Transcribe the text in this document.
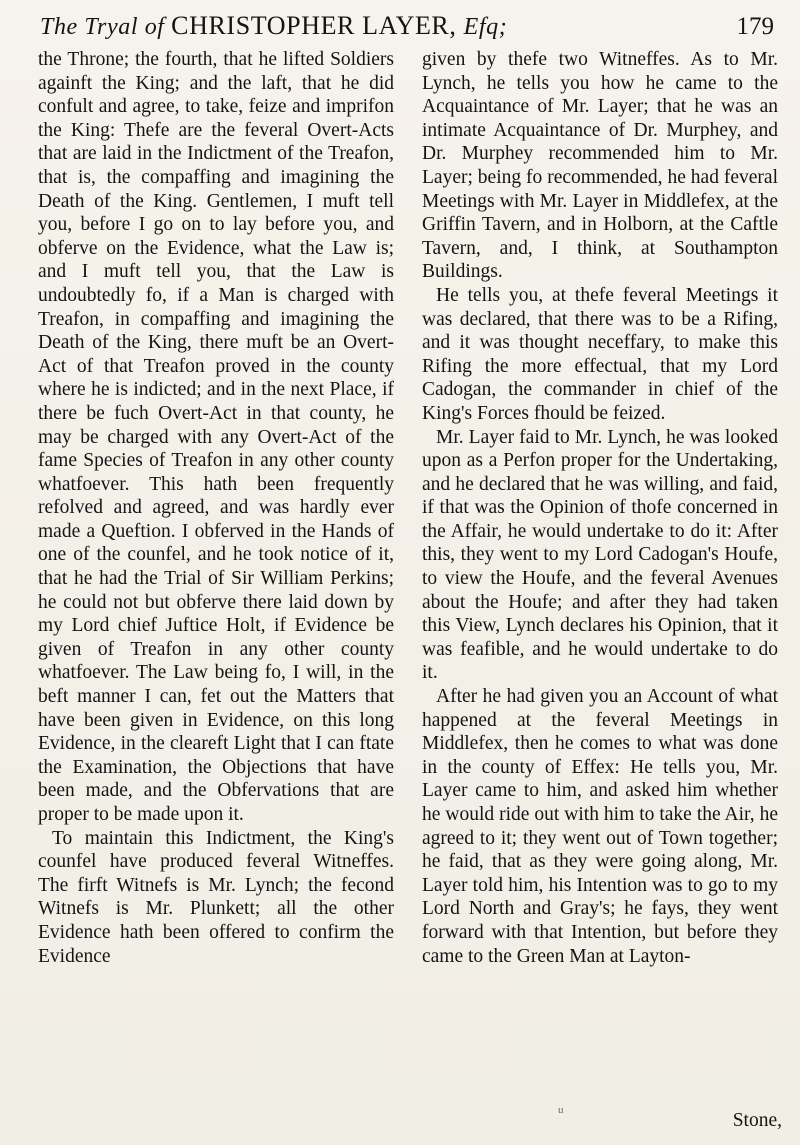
The Tryal of CHRISTOPHER LAYER, Efq;	179

the Throne; the fourth, that he lifted Soldiers againft the King; and the laft, that he did confult and agree, to take, feize and imprifon the King: Thefe are the feveral Overt-Acts that are laid in the Indictment of the Treafon, that is, the compaffing and imagining the Death of the King. Gentlemen, I muft tell you, before I go on to lay before you, and obferve on the Evidence, what the Law is; and I muft tell you, that the Law is undoubtedly fo, if a Man is charged with Treafon, in compaffing and imagining the Death of the King, there muft be an Overt-Act of that Treafon proved in the county where he is indicted; and in the next Place, if there be fuch Overt-Act in that county, he may be charged with any Overt-Act of the fame Species of Treafon in any other county whatfoever. This hath been frequently refolved and agreed, and was hardly ever made a Queftion. I obferved in the Hands of one of the counfel, and he took notice of it, that he had the Trial of Sir William Perkins; he could not but obferve there laid down by my Lord chief Juftice Holt, if Evidence be given of Treafon in any other county whatfoever. The Law being fo, I will, in the beft manner I can, fet out the Matters that have been given in Evidence, on this long Evidence, in the cleareft Light that I can ftate the Examination, the Objections that have been made, and the Obfervations that are proper to be made upon it.

To maintain this Indictment, the King's counfel have produced feveral Witneffes. The firft Witnefs is Mr. Lynch; the fecond Witnefs is Mr. Plunkett; all the other Evidence hath been offered to confirm the Evidence

given by thefe two Witneffes. As to Mr. Lynch, he tells you how he came to the Acquaintance of Mr. Layer; that he was an intimate Acquaintance of Dr. Murphey, and Dr. Murphey recommended him to Mr. Layer; being fo recommended, he had feveral Meetings with Mr. Layer in Middlefex, at the Griffin Tavern, and in Holborn, at the Caftle Tavern, and, I think, at Southampton Buildings.

He tells you, at thefe feveral Meetings it was declared, that there was to be a Rifing, and it was thought neceffary, to make this Rifing the more effectual, that my Lord Cadogan, the commander in chief of the King's Forces fhould be feized.

Mr. Layer faid to Mr. Lynch, he was looked upon as a Perfon proper for the Undertaking, and he declared that he was willing, and faid, if that was the Opinion of thofe concerned in the Affair, he would undertake to do it: After this, they went to my Lord Cadogan's Houfe, to view the Houfe, and the feveral Avenues about the Houfe; and after they had taken this View, Lynch declares his Opinion, that it was feafible, and he would undertake to do it.

After he had given you an Account of what happened at the feveral Meetings in Middlefex, then he comes to what was done in the county of Effex: He tells you, Mr. Layer came to him, and asked him whether he would ride out with him to take the Air, he agreed to it; they went out of Town together; he faid, that as they were going along, Mr. Layer told him, his Intention was to go to my Lord North and Gray's; he fays, they went forward with that Intention, but before they came to the Green Man at Layton-

u	Stone,
